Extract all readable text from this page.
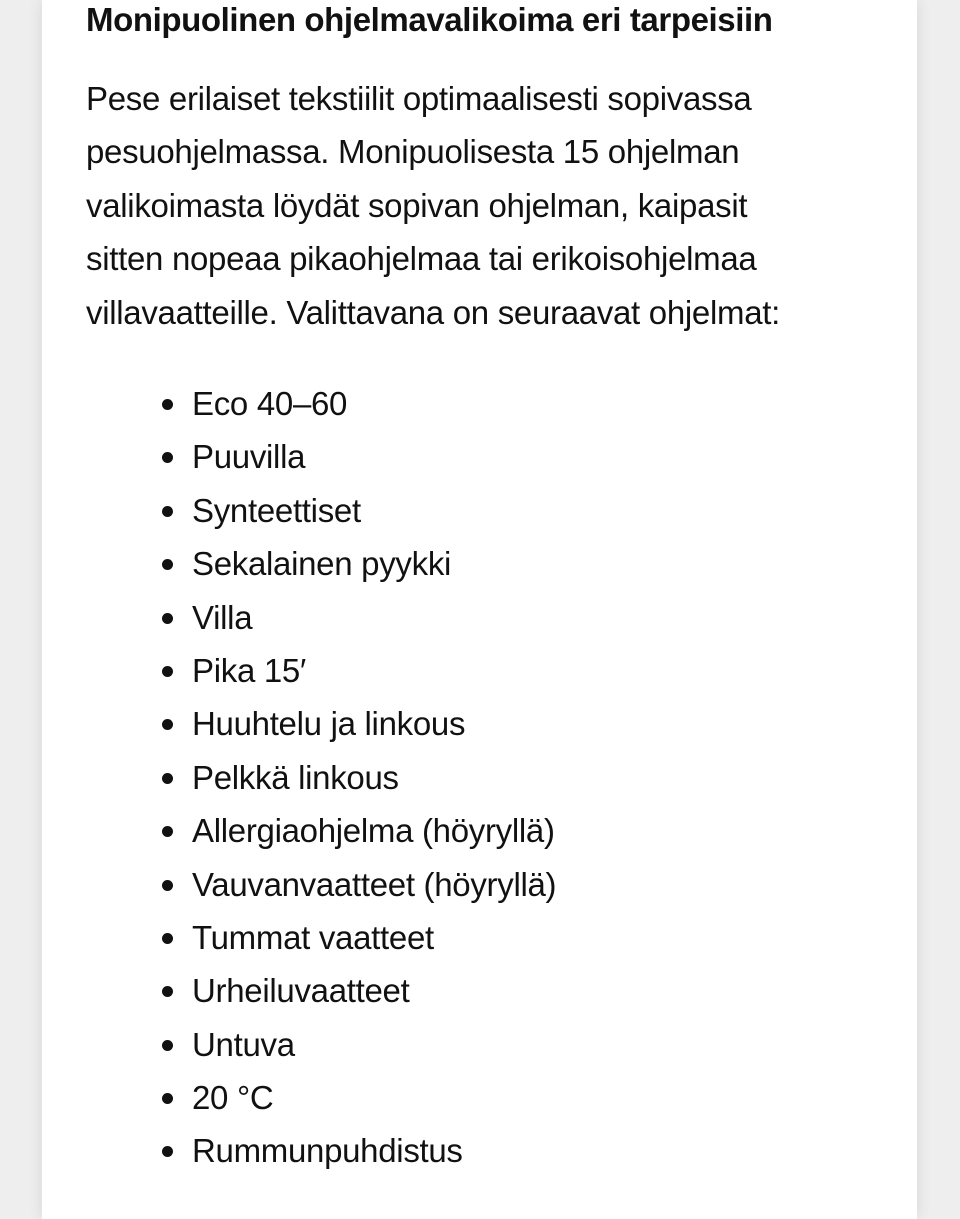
Monipuolinen ohjelmavalikoima eri tarpeisiin

Pese erilaiset tekstiilit optimaalisesti sopivassa
pesuohjelmassa. Monipuolisesta 15 ohjelman
valikoimasta löydät sopivan ohjelman, kaipasit
sitten nopeaa pikaohjelmaa tai erikoisohjelmaa
villavaatteille. Valittavana on seuraavat ohjelmat:

Eco 40–60
Puuvilla
Synteettiset
Sekalainen pyykki
Villa
Pika 15′
Huuhtelu ja linkous
Pelkkä linkous
Allergiaohjelma (höyryllä)
Vauvanvaatteet (höyryllä)
Tummat vaatteet
Urheiluvaatteet
Untuva
20 °C
Rummunpuhdistus
